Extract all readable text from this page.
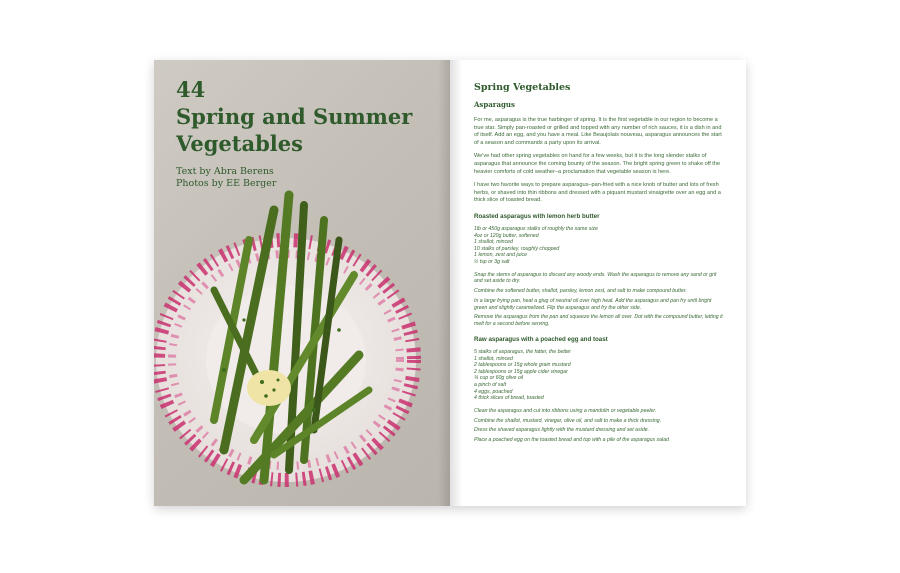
44
Spring and Summer
Vegetables
Text by Abra Berens
Photos by EE Berger
Spring Vegetables
Asparagus

For me, asparagus is the true harbinger of spring. It is the first vegetable in our region to become a true star. Simply pan-roasted or grilled and topped with any number of rich sauces, it is a dish in and of itself. Add an egg, and you have a meal. Like Beaujolais nouveau, asparagus announces the start of a season and commands a party upon its arrival.

We've had other spring vegetables on hand for a few weeks, but it is the long slender stalks of asparagus that announce the coming bounty of the season. The bright spring green to shake off the heavier comforts of cold weather–a proclamation that vegetable season is here.

I have two favorite ways to prepare asparagus–pan-fried with a nice knob of butter and lots of fresh herbs, or shaved into thin ribbons and dressed with a piquant mustard vinaigrette over an egg and a thick slice of toasted bread.

Roasted asparagus with lemon herb butter
1lb or 450g asparagus stalks of roughly the same size
4oz or 120g butter, softened
1 shallot, minced
10 stalks of parsley, roughly chopped
1 lemon, zest and juice
½ tsp or 3g salt

Snap the stems of asparagus to discard any woody ends. Wash the asparagus to remove any sand or grit and set aside to dry.

Combine the softened butter, shallot, parsley, lemon zest, and salt to make compound butter.

In a large frying pan, heat a glug of neutral oil over high heat. Add the asparagus and pan fry until bright green and slightly caramelized. Flip the asparagus and fry the other side.

Remove the asparagus from the pan and squeeze the lemon all over. Dot with the compound butter, letting it melt for a second before serving.

Raw asparagus with a poached egg and toast
5 stalks of asparagus, the fatter, the better
1 shallot, minced
2 tablespoons or 15g whole grain mustard
2 tablespoons or 15g apple cider vinegar
¼ cup or 60g olive oil
a pinch of salt
4 eggs, poached
4 thick slices of bread, toasted

Clean the asparagus and cut into ribbons using a mandolin or vegetable peeler.

Combine the shallot, mustard, vinegar, olive oil, and salt to make a thick dressing.

Dress the shaved asparagus lightly with the mustard dressing and set aside.

Place a poached egg on the toasted bread and top with a pile of the asparagus salad
